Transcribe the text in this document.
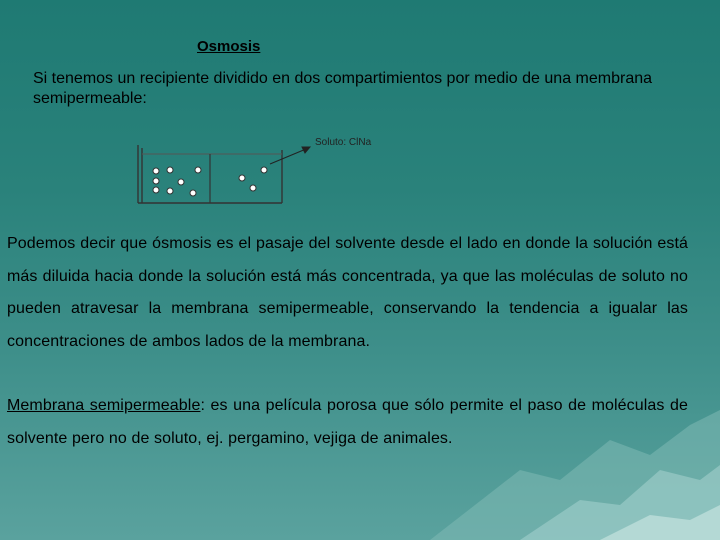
Osmosis
Si tenemos un recipiente dividido en dos compartimientos por medio de una membrana semipermeable:
Soluto: ClNa
Podemos decir que ósmosis es el pasaje del solvente desde el lado en donde la solución está más diluida hacia donde la solución está más concentrada, ya que las moléculas de soluto no pueden atravesar la membrana semipermeable, conservando la tendencia a igualar las concentraciones de ambos lados de la membrana.
Membrana semipermeable: es una película porosa que sólo permite el paso de moléculas de solvente pero no de soluto, ej. pergamino, vejiga de animales.
